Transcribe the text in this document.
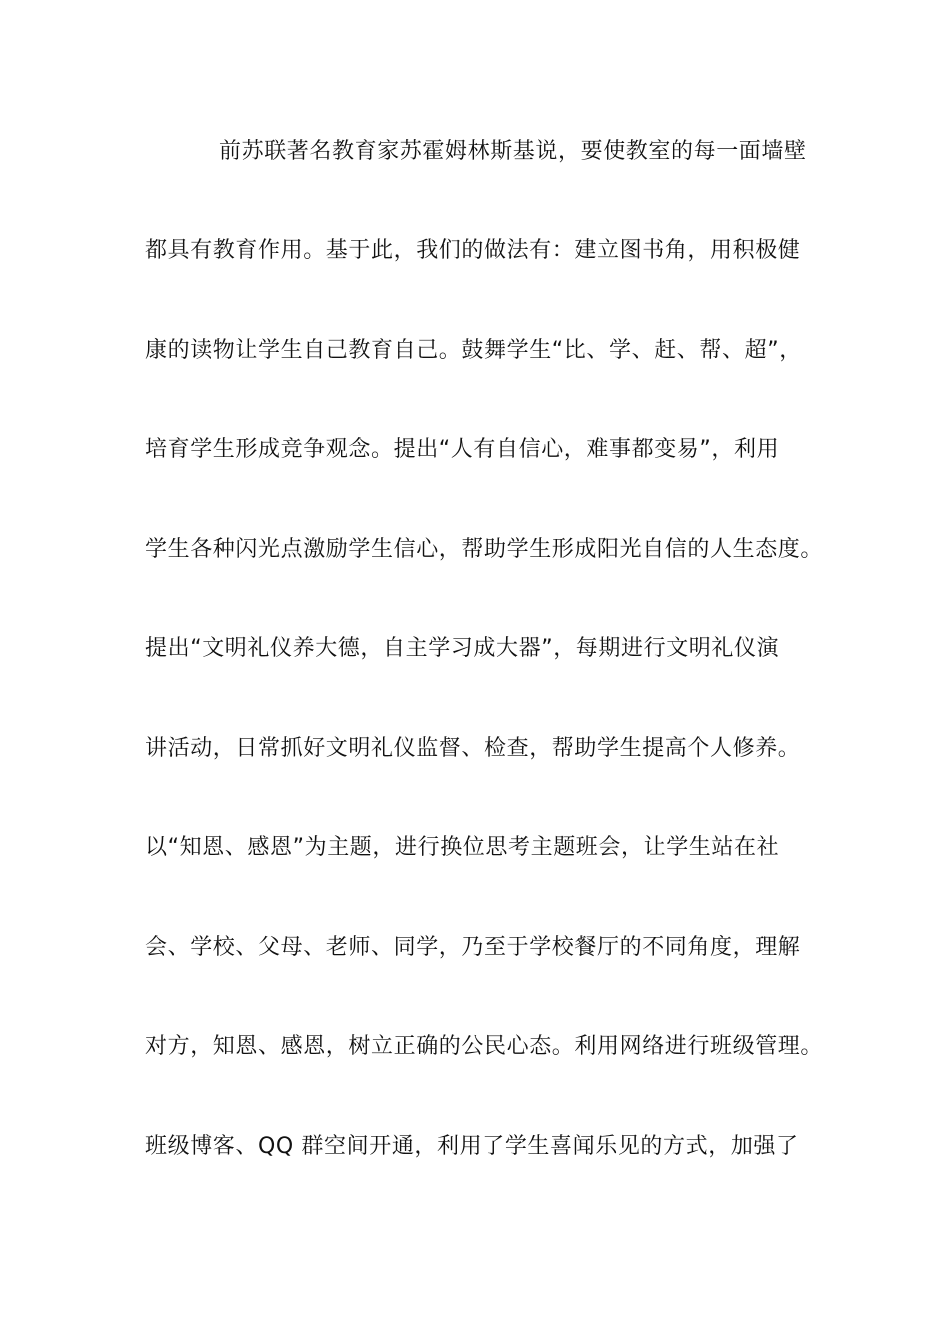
前苏联著名教育家苏霍姆林斯基说，要使教室的每一面墙壁
都具有教育作用。基于此，我们的做法有：建立图书角，用积极健
康的读物让学生自己教育自己。鼓舞学生“比、学、赶、帮、超”，
培育学生形成竞争观念。提出“人有自信心，难事都变易”，利用
学生各种闪光点激励学生信心，帮助学生形成阳光自信的人生态度。
提出“文明礼仪养大德，自主学习成大器”，每期进行文明礼仪演
讲活动，日常抓好文明礼仪监督、检查，帮助学生提高个人修养。
以“知恩、感恩”为主题，进行换位思考主题班会，让学生站在社
会、学校、父母、老师、同学，乃至于学校餐厅的不同角度，理解
对方，知恩、感恩，树立正确的公民心态。利用网络进行班级管理。
班级博客、QQ 群空间开通，利用了学生喜闻乐见的方式，加强了
